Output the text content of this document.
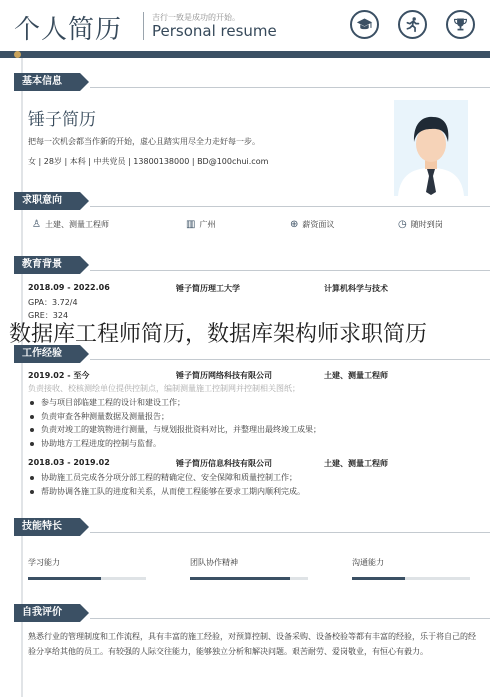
个人简历	吉行一致是成功的开始。
Personal resume
基本信息
锤子简历
把每一次机会都当作新的开始，虚心且踏实用尽全力走好每一步。
女 | 28岁 | 本科 | 中共党员 | 13800138000 | BD@100chui.com
求职意向
♙ 土建、测量工程师	▥ 广州	⊕ 薪资面议	◷ 随时到岗
教育背景
2018.09 - 2022.06	锤子简历理工大学	计算机科学与技术
GPA：3.72/4
GRE：324
工作经验
2019.02 - 至今	锤子简历网络科技有限公司	土建、测量工程师
负责接收、校核测绘单位提供控制点，编制测量施工控制网并控制相关图纸；
参与项目部临建工程的设计和建设工作；
负责审查各种测量数据及测量报告；
负责对竣工的建筑物进行测量，与规划报批资料对比，并整理出最终竣工成果；
协助地方工程进度的控制与监督。
2018.03 - 2019.02	锤子简历信息科技有限公司	土建、测量工程师
协助施工员完成各分项分部工程的精确定位、安全保障和质量控制工作；
帮助协调各施工队的进度和关系，从而使工程能够在要求工期内顺利完成。
技能特长
学习能力	团队协作精神	沟通能力
自我评价
熟悉行业的管理制度和工作流程，具有丰富的施工经验，对预算控制、设备采购、设备校验等都有丰富的经验，乐于将自己的经验分享给其他的员工。有较强的人际交往能力，能够独立分析和解决问题。艰苦耐劳、爱岗敬业，有恒心有毅力。
数据库工程师简历，数据库架构师求职简历
